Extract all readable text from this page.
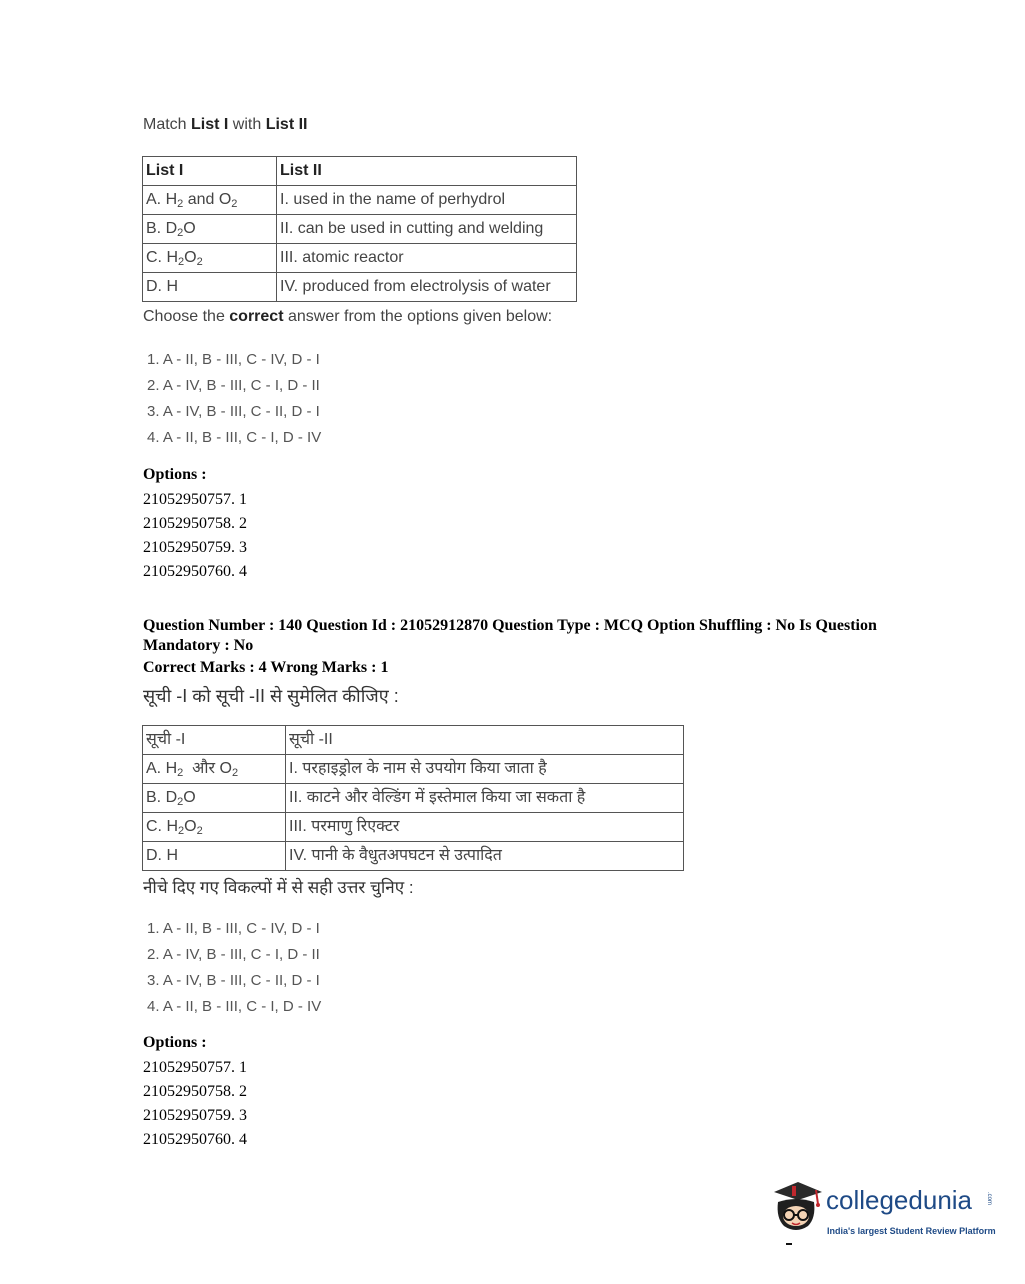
Match List I with List II
List I	List II
A. $H_2$ and $O_2$	I. used in the name of perhydrol
B. $D_2O$	II. can be used in cutting and welding
C. $H_2O_2$	III. atomic reactor
D. H	IV. produced from electrolysis of water
Choose the correct answer from the options given below:
1. A - II, B - III, C - IV, D - I
2. A - IV, B - III, C - I, D - II
3. A - IV, B - III, C - II, D - I
4. A - II, B - III, C - I, D - IV
Options :
21052950757. 1
21052950758. 2
21052950759. 3
21052950760. 4
Question Number : 140 Question Id : 21052912870 Question Type : MCQ Option Shuffling : No Is Question Mandatory : No
Correct Marks : 4 Wrong Marks : 1
सूची -I को सूची -II से सुमेलित कीजिए :
सूची -I	सूची -II
A. $H_2$  और $O_2$	I. परहाइड्रोल के नाम से उपयोग किया जाता है
B. $D_2O$	II. काटने और वेल्डिंग में इस्तेमाल किया जा सकता है
C. $H_2O_2$	III. परमाणु रिएक्टर
D. H	IV. पानी के वैधुतअपघटन से उत्पादित
नीचे दिए गए विकल्पों में से सही उत्तर चुनिए :
1. A - II, B - III, C - IV, D - I
2. A - IV, B - III, C - I, D - II
3. A - IV, B - III, C - II, D - I
4. A - II, B - III, C - I, D - IV
Options :
21052950757. 1
21052950758. 2
21052950759. 3
21052950760. 4
collegedunia .com
India's largest Student Review Platform
